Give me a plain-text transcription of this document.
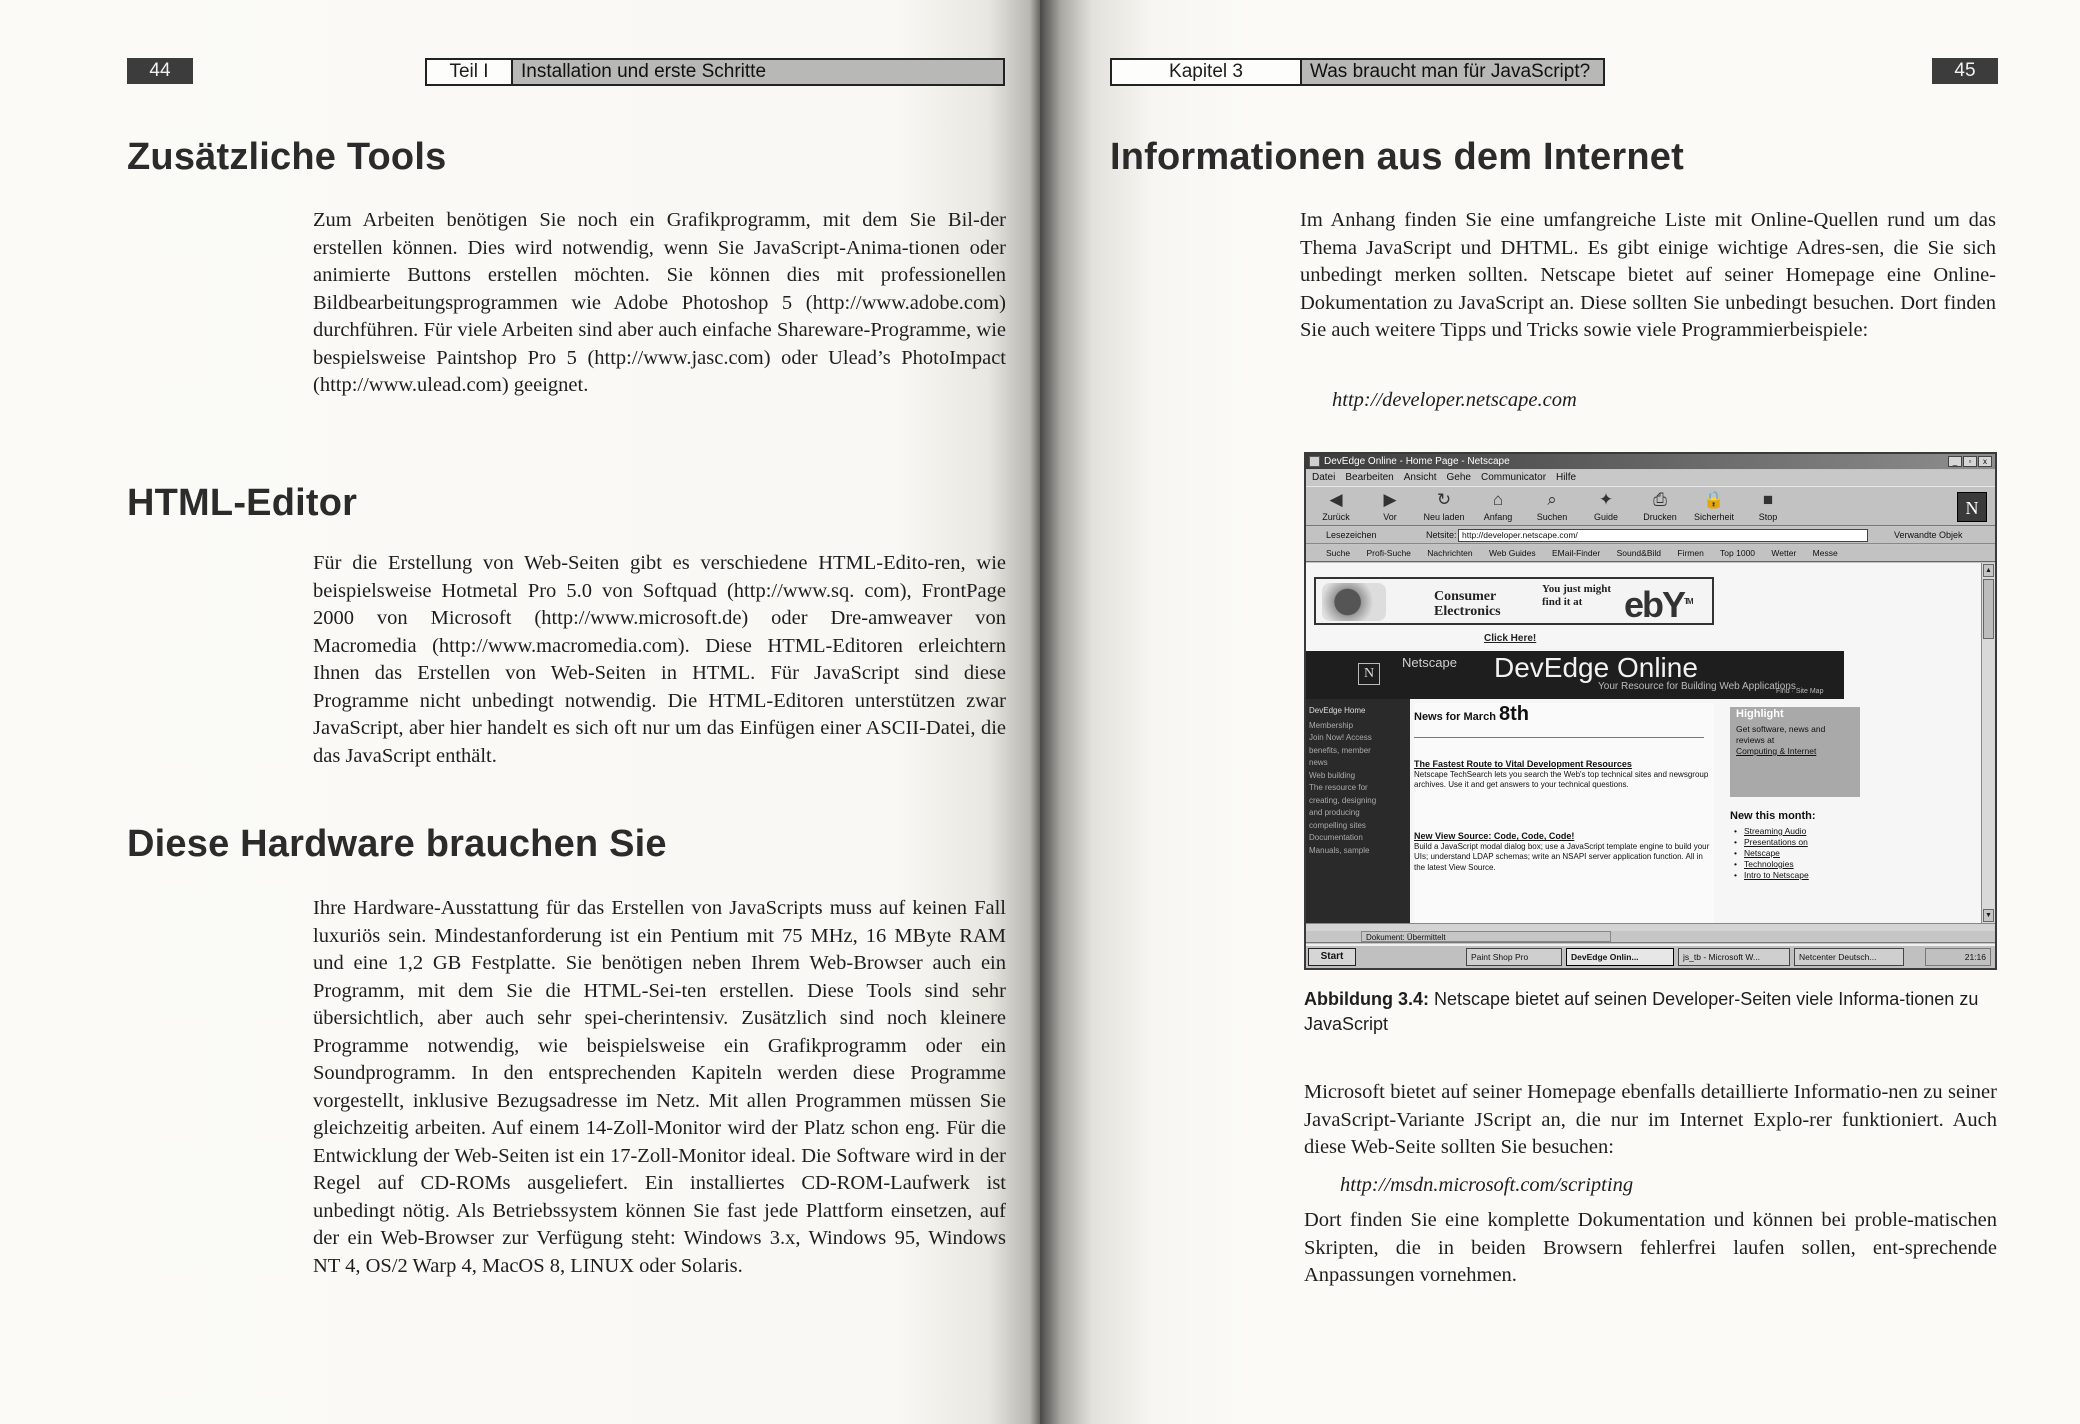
44	Teil I	Installation und erste Schritte
Zusätzliche Tools

Zum Arbeiten benötigen Sie noch ein Grafikprogramm, mit dem Sie Bil-der erstellen können. Dies wird notwendig, wenn Sie JavaScript-Anima-tionen oder animierte Buttons erstellen möchten. Sie können dies mit professionellen Bildbearbeitungsprogrammen wie Adobe Photoshop 5 (http://www.adobe.com) durchführen. Für viele Arbeiten sind aber auch einfache Shareware-Programme, wie bespielsweise Paintshop Pro 5 (http://www.jasc.com) oder Ulead’s PhotoImpact (http://www.ulead.com) geeignet.

HTML-Editor

Für die Erstellung von Web-Seiten gibt es verschiedene HTML-Edito-ren, wie beispielsweise Hotmetal Pro 5.0 von Softquad (http://www.sq. com), FrontPage 2000 von Microsoft (http://www.microsoft.de) oder Dre-amweaver von Macromedia (http://www.macromedia.com). Diese HTML-Editoren erleichtern Ihnen das Erstellen von Web-Seiten in HTML. Für JavaScript sind diese Programme nicht unbedingt notwendig. Die HTML-Editoren unterstützen zwar JavaScript, aber hier handelt es sich oft nur um das Einfügen einer ASCII-Datei, die das JavaScript enthält.

Diese Hardware brauchen Sie

Ihre Hardware-Ausstattung für das Erstellen von JavaScripts muss auf keinen Fall luxuriös sein. Mindestanforderung ist ein Pentium mit 75 MHz, 16 MByte RAM und eine 1,2 GB Festplatte. Sie benötigen neben Ihrem Web-Browser auch ein Programm, mit dem Sie die HTML-Sei-ten erstellen. Diese Tools sind sehr übersichtlich, aber auch sehr spei-cherintensiv. Zusätzlich sind noch kleinere Programme notwendig, wie beispielsweise ein Grafikprogramm oder ein Soundprogramm. In den entsprechenden Kapiteln werden diese Programme vorgestellt, inklusive Bezugsadresse im Netz. Mit allen Programmen müssen Sie gleichzeitig arbeiten. Auf einem 14-Zoll-Monitor wird der Platz schon eng. Für die Entwicklung der Web-Seiten ist ein 17-Zoll-Monitor ideal. Die Software wird in der Regel auf CD-ROMs ausgeliefert. Ein installiertes CD-ROM-Laufwerk ist unbedingt nötig. Als Betriebssystem können Sie fast jede Plattform einsetzen, auf der ein Web-Browser zur Verfügung steht: Windows 3.x, Windows 95, Windows NT 4, OS/2 Warp 4, MacOS 8, LINUX oder Solaris.

Kapitel 3	Was braucht man für JavaScript?	45
Informationen aus dem Internet

Im Anhang finden Sie eine umfangreiche Liste mit Online-Quellen rund um das Thema JavaScript und DHTML. Es gibt einige wichtige Adres-sen, die Sie sich unbedingt merken sollten. Netscape bietet auf seiner Homepage eine Online-Dokumentation zu JavaScript an. Diese sollten Sie unbedingt besuchen. Dort finden Sie auch weitere Tipps und Tricks sowie viele Programmierbeispiele:

http://developer.netscape.com
Abbildung 3.4: Netscape bietet auf seinen Developer-Seiten viele Informa-tionen zu JavaScript

Microsoft bietet auf seiner Homepage ebenfalls detaillierte Informatio-nen zu seiner JavaScript-Variante JScript an, die nur im Internet Explo-rer funktioniert. Auch diese Web-Seite sollten Sie besuchen:

http://msdn.microsoft.com/scripting

Dort finden Sie eine komplette Dokumentation und können bei proble-matischen Skripten, die in beiden Browsern fehlerfrei laufen sollen, ent-sprechende Anpassungen vornehmen.

DevEdge Online - Home Page - Netscape	_	▫	x
Datei Bearbeiten Ansicht Gehe Communicator Hilfe
◀
Zurück
▶
Vor
↻
Neu laden
⌂
Anfang
⌕
Suchen
✦
Guide
⎙
Drucken
🔒
Sicherheit
■
Stop	N
Lesezeichen	Netsite: http://developer.netscape.com/	Verwandte Objek
Suche Profi-Suche Nachrichten Web Guides EMail-Finder Sound&Bild Firmen Top 1000 Wetter Messe
Consumer
Electronics
You just might find it at	ebY™
Click Here!
N
Netscape DevEdge Online
Your Resource for Building Web Applications
Find · Site Map
DevEdge Home
Membership
Join Now! Access
benefits, member
news
Web building
The resource for
creating, designing
and producing
compelling sites
Documentation
Manuals, sample
News for March 8th
The Fastest Route to Vital Development Resources
Netscape TechSearch lets you search the Web's top technical sites and newsgroup archives. Use it and get answers to your technical questions.
New View Source: Code, Code, Code!
Build a JavaScript modal dialog box; use a JavaScript template engine to build your UIs; understand LDAP schemas; write an NSAPI server application function. All in the latest View Source.
Highlight
Get software, news and reviews at
Computing & Internet
New this month:
• Streaming Audio
• Presentations on
• Netscape
• Technologies
• Intro to Netscape
▲
▼
Dokument: Übermittelt
Start	Paint Shop Pro	DevEdge Onlin...	js_tb - Microsoft W...	Netcenter Deutsch...	21:16
